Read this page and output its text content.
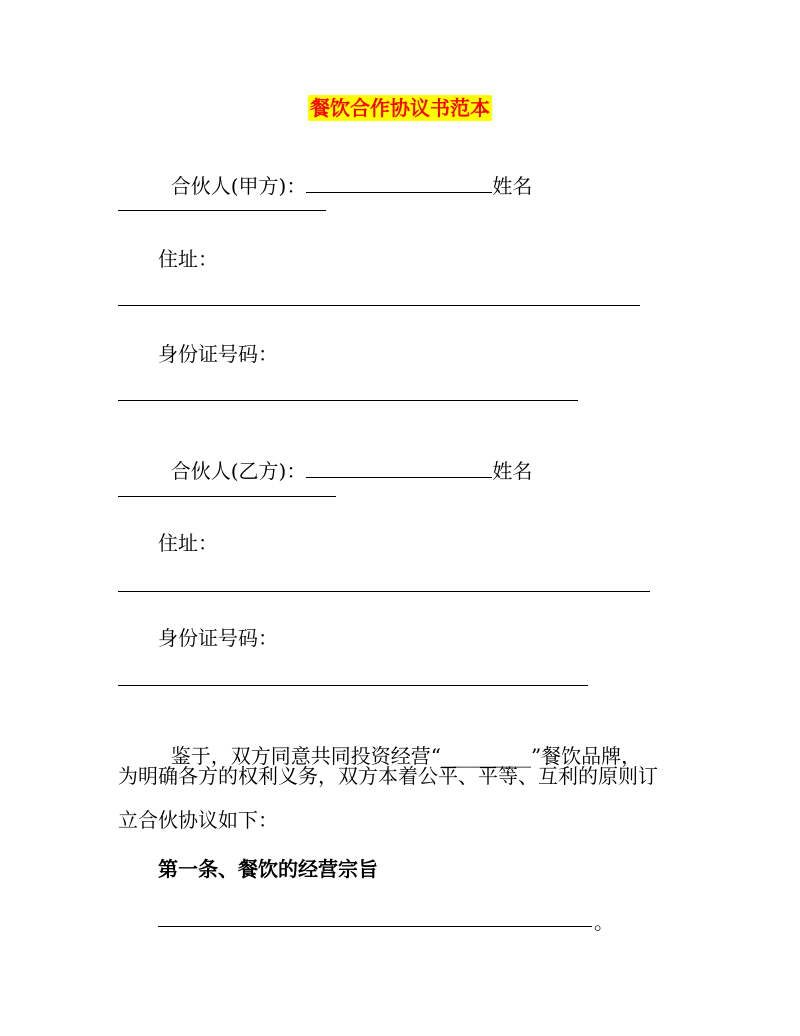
餐饮合作协议书范本

合伙人(甲方)：	姓名

住址：
身份证号码：

合伙人(乙方)：	姓名

住址：
身份证号码：

鉴于，双方同意共同投资经营“_________”餐饮品牌，

为明确各方的权利义务，双方本着公平、平等、互利的原则订
立合伙协议如下：
第一条、餐饮的经营宗旨
。
